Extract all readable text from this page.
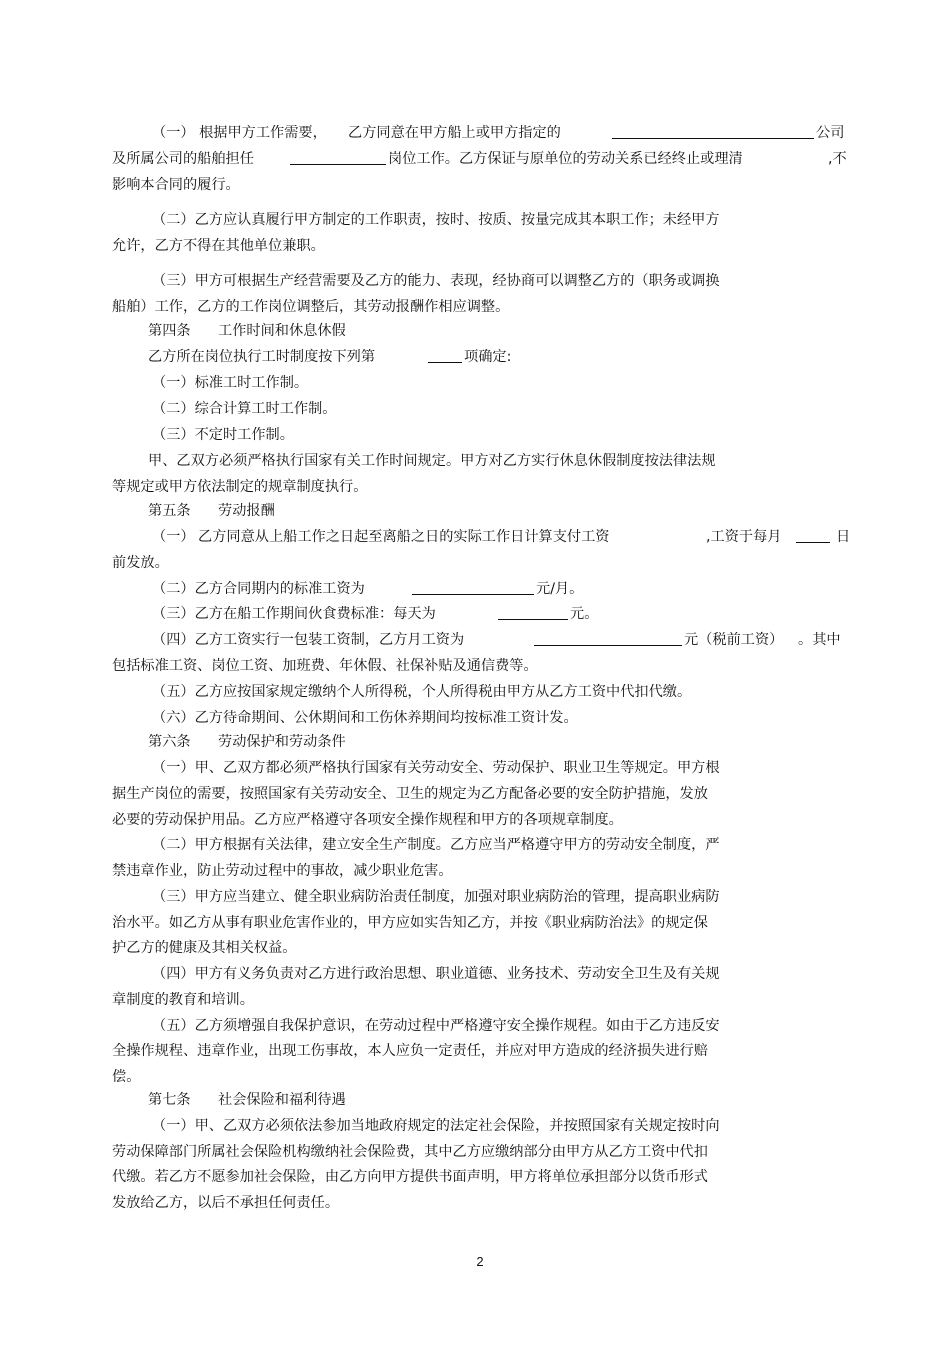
（一） 根据甲方工作需要， 乙方同意在甲方船上或甲方指定的	公司
及所属公司的船舶担任	岗位工作。乙方保证与原单位的劳动关系已经终止或理清	,不
影响本合同的履行。
（二）乙方应认真履行甲方制定的工作职责，按时、按质、按量完成其本职工作；未经甲方
允许，乙方不得在其他单位兼职。
（三）甲方可根据生产经营需要及乙方的能力、表现，经协商可以调整乙方的（职务或调换
船舶）工作，乙方的工作岗位调整后，其劳动报酬作相应调整。
第四条 工作时间和休息休假
乙方所在岗位执行工时制度按下列第	项确定:
（一）标准工时工作制。
（二）综合计算工时工作制。
（三）不定时工作制。
甲、乙双方必须严格执行国家有关工作时间规定。甲方对乙方实行休息休假制度按法律法规
等规定或甲方依法制定的规章制度执行。
第五条 劳动报酬
（一） 乙方同意从上船工作之日起至离船之日的实际工作日计算支付工资	,工资于每月	日
前发放。
（二）乙方合同期内的标准工资为	元/月。
（三）乙方在船工作期间伙食费标准：每天为	元。
（四）乙方工资实行一包装工资制，乙方月工资为	元（税前工资） 。其中
包括标准工资、岗位工资、加班费、年休假、社保补贴及通信费等。
（五）乙方应按国家规定缴纳个人所得税，个人所得税由甲方从乙方工资中代扣代缴。
（六）乙方待命期间、公休期间和工伤休养期间均按标准工资计发。
第六条 劳动保护和劳动条件
（一）甲、乙双方都必须严格执行国家有关劳动安全、劳动保护、职业卫生等规定。甲方根
据生产岗位的需要，按照国家有关劳动安全、卫生的规定为乙方配备必要的安全防护措施，发放
必要的劳动保护用品。乙方应严格遵守各项安全操作规程和甲方的各项规章制度。
（二）甲方根据有关法律，建立安全生产制度。乙方应当严格遵守甲方的劳动安全制度，严
禁违章作业，防止劳动过程中的事故，减少职业危害。
（三）甲方应当建立、健全职业病防治责任制度，加强对职业病防治的管理，提高职业病防
治水平。如乙方从事有职业危害作业的，甲方应如实告知乙方，并按《职业病防治法》的规定保
护乙方的健康及其相关权益。
（四）甲方有义务负责对乙方进行政治思想、职业道德、业务技术、劳动安全卫生及有关规
章制度的教育和培训。
（五）乙方须增强自我保护意识，在劳动过程中严格遵守安全操作规程。如由于乙方违反安
全操作规程、违章作业，出现工伤事故，本人应负一定责任，并应对甲方造成的经济损失进行赔
偿。
第七条 社会保险和福利待遇
（一）甲、乙双方必须依法参加当地政府规定的法定社会保险，并按照国家有关规定按时向
劳动保障部门所属社会保险机构缴纳社会保险费，其中乙方应缴纳部分由甲方从乙方工资中代扣
代缴。若乙方不愿参加社会保险，由乙方向甲方提供书面声明，甲方将单位承担部分以货币形式
发放给乙方，以后不承担任何责任。
2
